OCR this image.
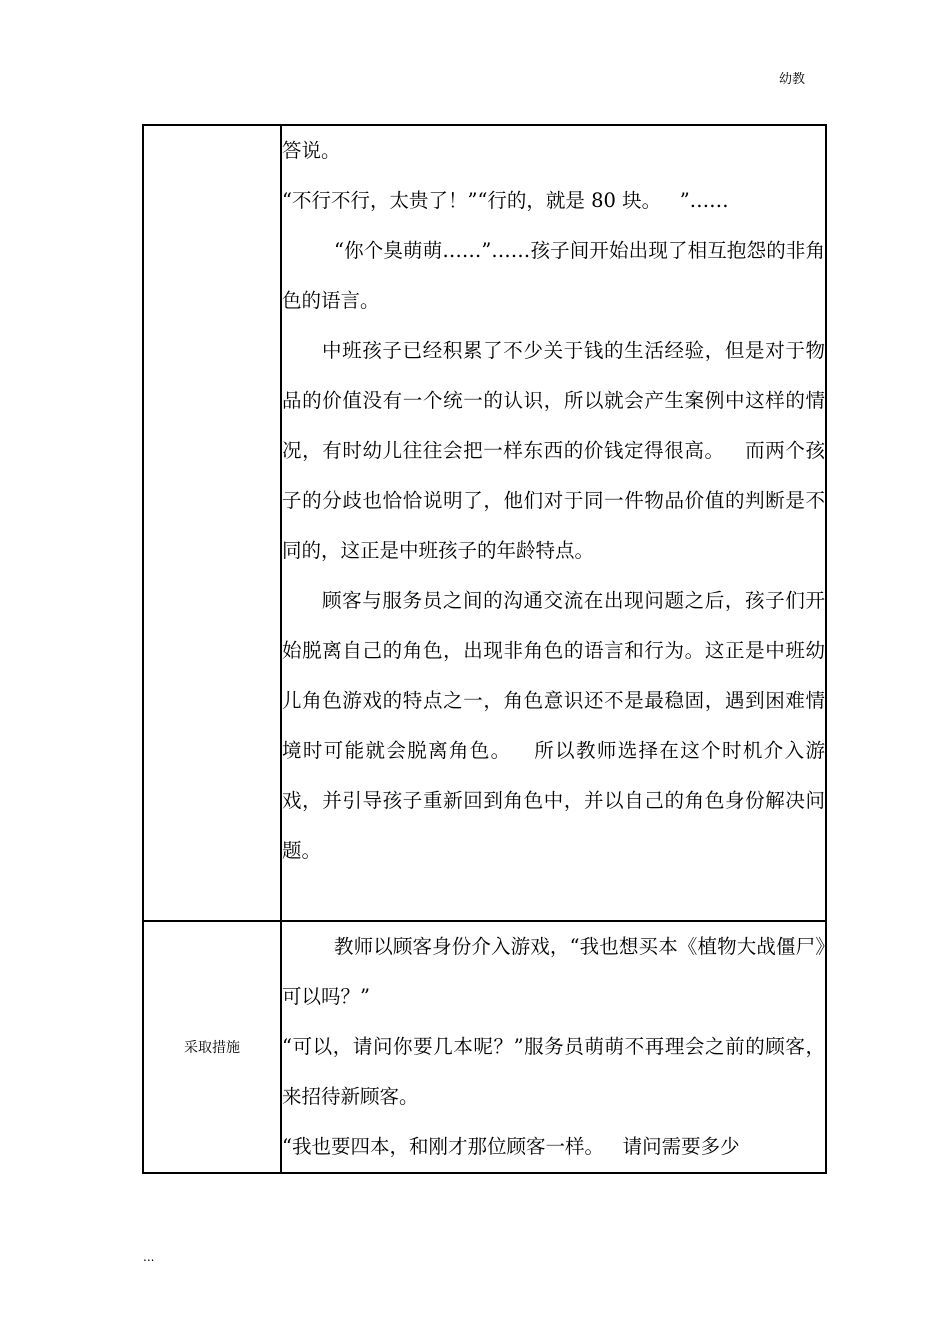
幼教

	答说。

“不行不行，太贵了！”“行的，就是 80 块。   ”……

“你个臭萌萌……”……孩子间开始出现了相互抱怨的非角色的语言。

中班孩子已经积累了不少关于钱的生活经验，但是对于物品的价值没有一个统一的认识，所以就会产生案例中这样的情况，有时幼儿往往会把一样东西的价钱定得很高。   而两个孩子的分歧也恰恰说明了，他们对于同一件物品价值的判断是不同的，这正是中班孩子的年龄特点。

顾客与服务员之间的沟通交流在出现问题之后，孩子们开始脱离自己的角色，出现非角色的语言和行为。这正是中班幼儿角色游戏的特点之一，角色意识还不是最稳固，遇到困难情境时可能就会脱离角色。   所以教师选择在这个时机介入游戏，并引导孩子重新回到角色中，并以自己的角色身份解决问题。

采取措施	教师以顾客身份介入游戏，“我也想买本《植物大战僵尸》可以吗？”

“可以，请问你要几本呢？”服务员萌萌不再理会之前的顾客，来招待新顾客。

“我也要四本，和刚才那位顾客一样。   请问需要多少

...
